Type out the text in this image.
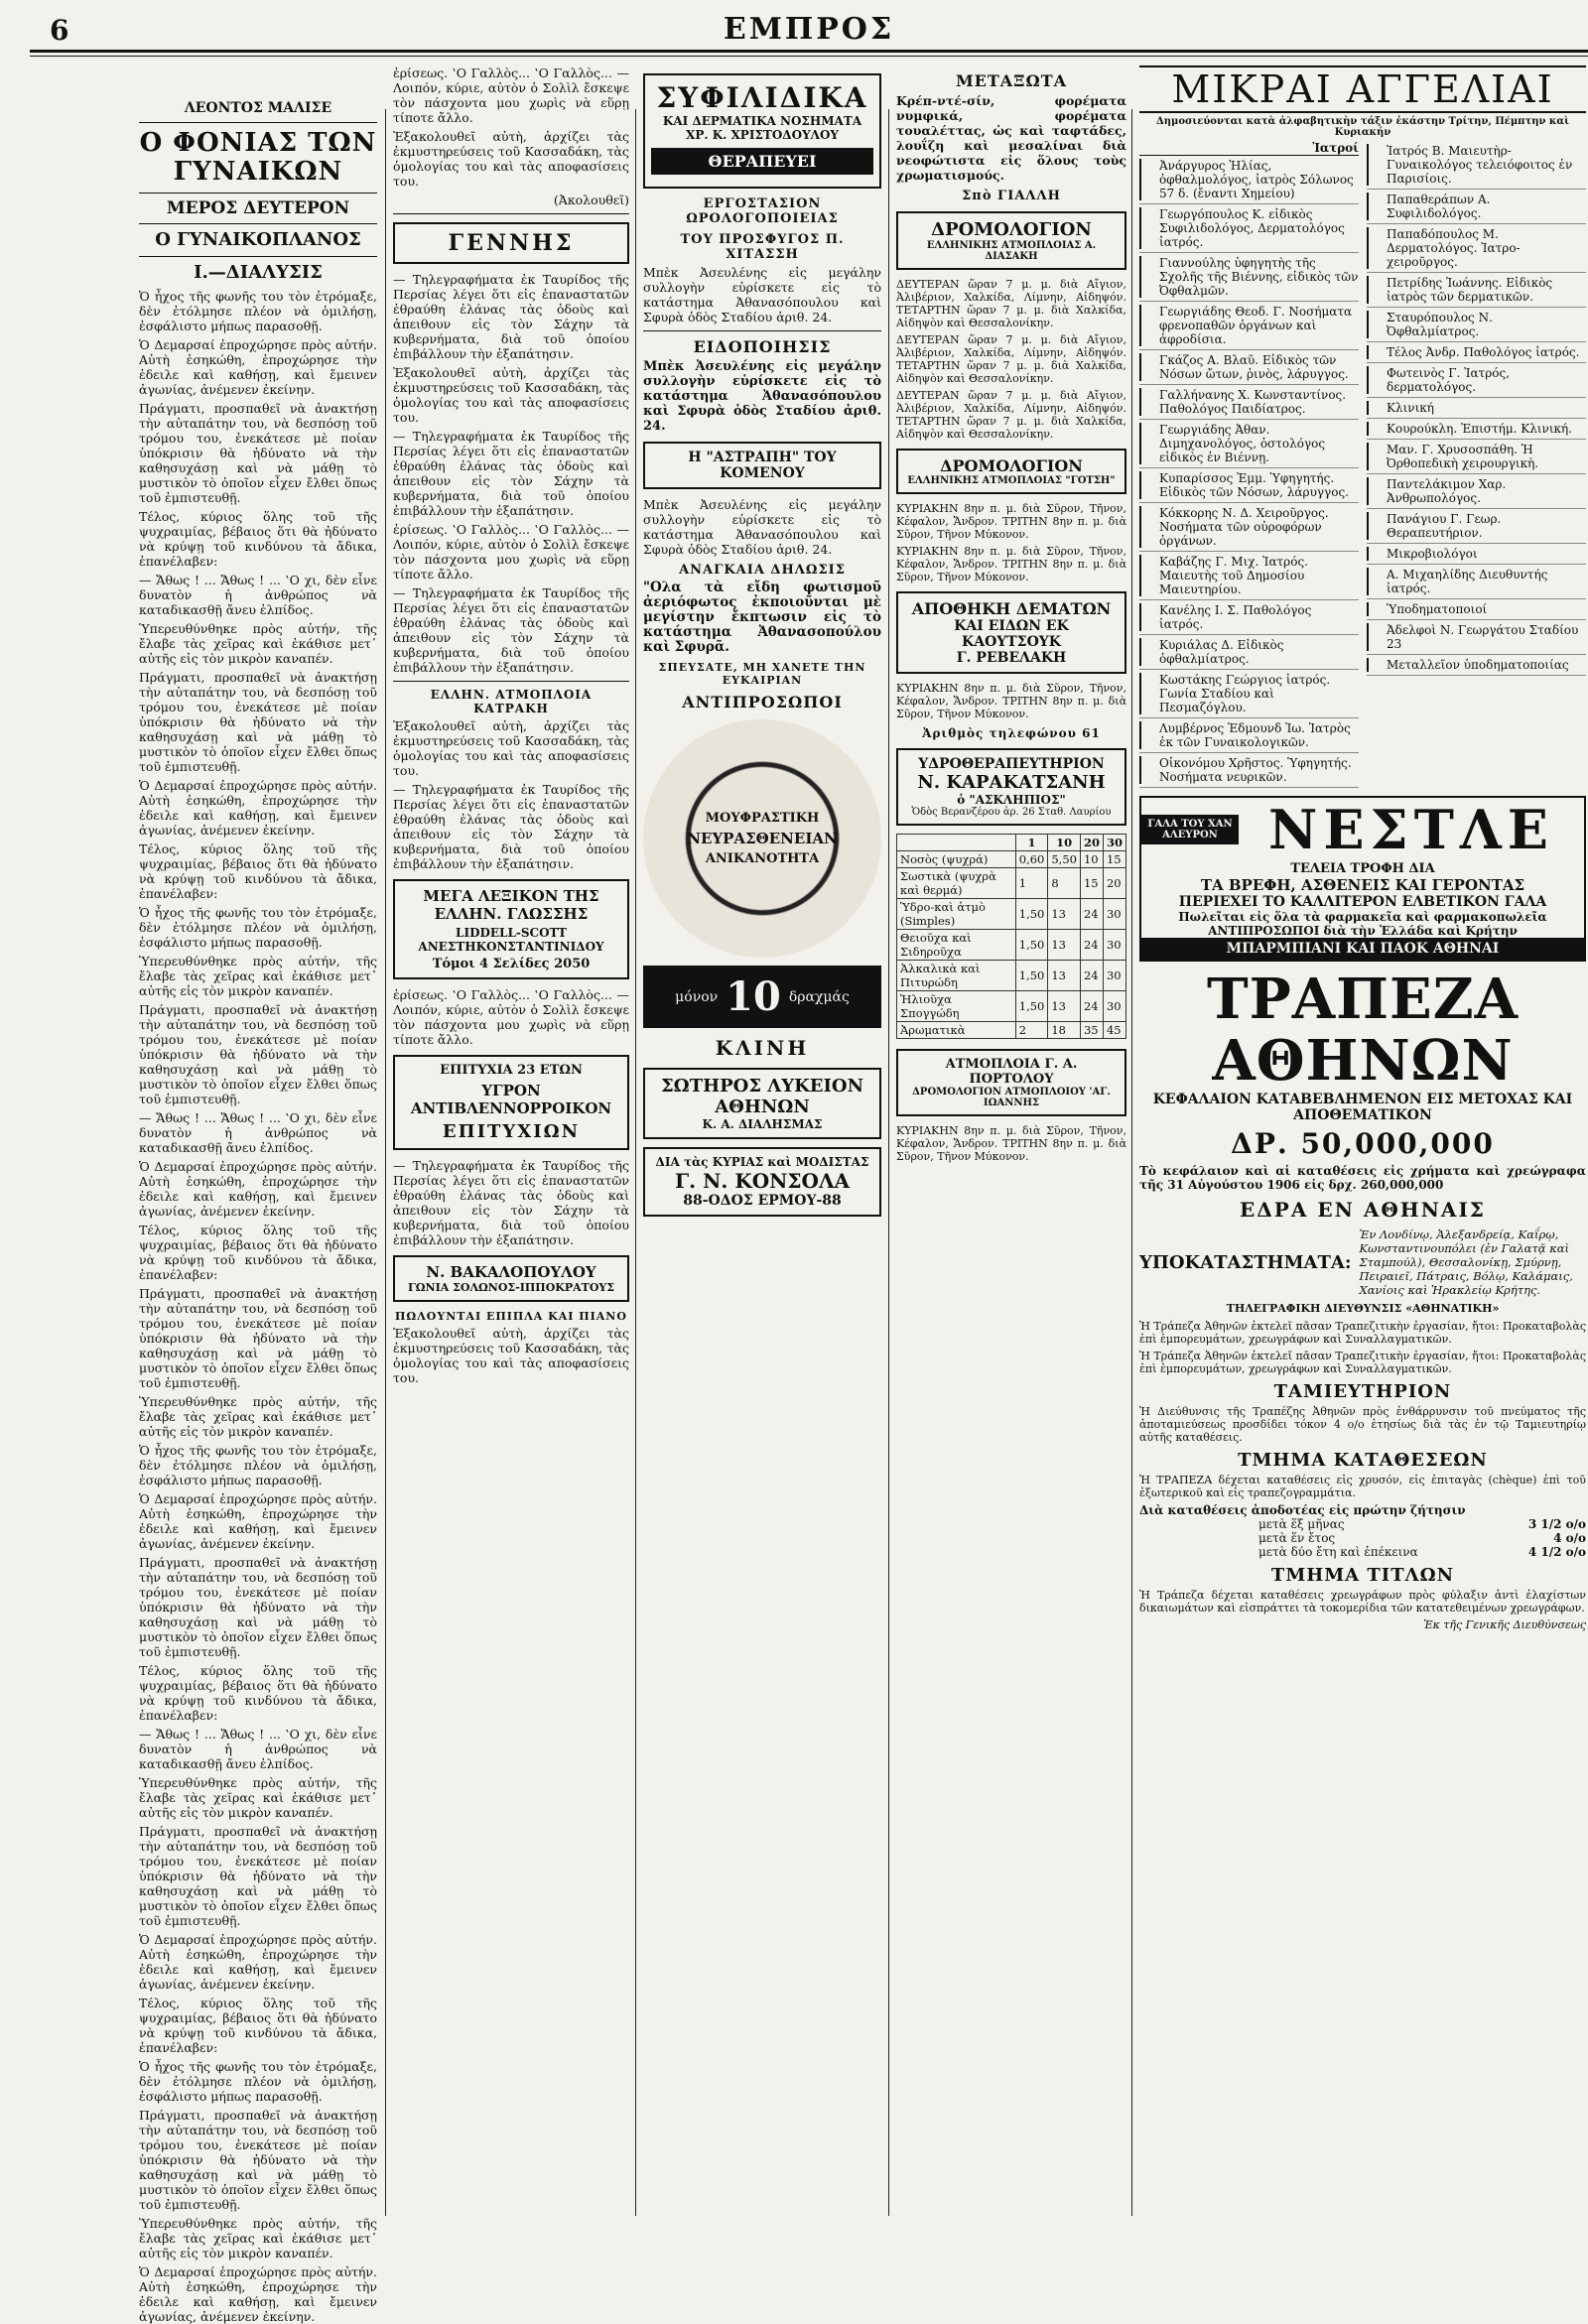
6	ΕΜΠΡΟΣ
ΛΕΟΝΤΟΣ ΜΑΛΙΣΕ
Ο ΦΟΝΙΑΣ ΤΩΝ ΓΥΝΑΙΚΩΝ
ΜΕΡΟΣ ΔΕΥΤΕΡΟΝ
Ο ΓΥΝΑΙΚΟΠΛΑΝΟΣ
Ι.—ΔΙΑΛΥΣΙΣ

Ὁ ἦχος τῆς φωνῆς του τὸν ἐτρόμαξε, δὲν ἐτόλμησε πλέον νὰ ὁμιλήσῃ, ἐσφάλιστο μήπως παρασοθῇ.

Ὁ Δεμαρσαί ἐπροχώρησε πρὸς αὐτήν. Αὐτὴ ἐσηκώθη, ἐπροχώρησε τὴν ἐδειλε καὶ καθήσῃ, καὶ ἔμεινεν ἀγωνίας, ἀνέμενεν ἐκείνην.

Πράγματι, προσπαθεῖ νὰ ἀνακτήσῃ τὴν αὐταπάτην του, νὰ δεσπόσῃ τοῦ τρόμου του, ἐνεκάτεσε μὲ ποίαν ὑπόκρισιν θὰ ἠδύνατο νὰ τὴν καθησυχάσῃ καὶ νὰ μάθῃ τὸ μυστικὸν τὸ ὁποῖον εἶχεν ἔλθει ὅπως τοῦ ἐμπιστευθῇ.

Τέλος, κύριος ὅλης τοῦ τῆς ψυχραιμίας, βέβαιος ὅτι θὰ ἠδύνατο νὰ κρύψῃ τοῦ κινδύνου τὰ ἄδικα, ἐπανέλαβεν:

— Ἄθως ! ... Ἄθως ! ... ‛Ο χι, δὲν εἶνε δυνατὸν ἡ ἀνθρώπος νὰ καταδικασθῇ ἄνευ ἐλπίδος.

Ὑπερευθύνθηκε πρὸς αὐτήν, τῆς ἔλαβε τὰς χεῖρας καὶ ἐκάθισε μετ᾽ αὐτῆς εἰς τὸν μικρὸν καναπέν.

Πράγματι, προσπαθεῖ νὰ ἀνακτήσῃ τὴν αὐταπάτην του, νὰ δεσπόσῃ τοῦ τρόμου του, ἐνεκάτεσε μὲ ποίαν ὑπόκρισιν θὰ ἠδύνατο νὰ τὴν καθησυχάσῃ καὶ νὰ μάθῃ τὸ μυστικὸν τὸ ὁποῖον εἶχεν ἔλθει ὅπως τοῦ ἐμπιστευθῇ.

Ὁ Δεμαρσαί ἐπροχώρησε πρὸς αὐτήν. Αὐτὴ ἐσηκώθη, ἐπροχώρησε τὴν ἐδειλε καὶ καθήσῃ, καὶ ἔμεινεν ἀγωνίας, ἀνέμενεν ἐκείνην.

Τέλος, κύριος ὅλης τοῦ τῆς ψυχραιμίας, βέβαιος ὅτι θὰ ἠδύνατο νὰ κρύψῃ τοῦ κινδύνου τὰ ἄδικα, ἐπανέλαβεν:

Ὁ ἦχος τῆς φωνῆς του τὸν ἐτρόμαξε, δὲν ἐτόλμησε πλέον νὰ ὁμιλήσῃ, ἐσφάλιστο μήπως παρασοθῇ.

Ὑπερευθύνθηκε πρὸς αὐτήν, τῆς ἔλαβε τὰς χεῖρας καὶ ἐκάθισε μετ᾽ αὐτῆς εἰς τὸν μικρὸν καναπέν.

Πράγματι, προσπαθεῖ νὰ ἀνακτήσῃ τὴν αὐταπάτην του, νὰ δεσπόσῃ τοῦ τρόμου του, ἐνεκάτεσε μὲ ποίαν ὑπόκρισιν θὰ ἠδύνατο νὰ τὴν καθησυχάσῃ καὶ νὰ μάθῃ τὸ μυστικὸν τὸ ὁποῖον εἶχεν ἔλθει ὅπως τοῦ ἐμπιστευθῇ.

— Ἄθως ! ... Ἄθως ! ... ‛Ο χι, δὲν εἶνε δυνατὸν ἡ ἀνθρώπος νὰ καταδικασθῇ ἄνευ ἐλπίδος.

Ὁ Δεμαρσαί ἐπροχώρησε πρὸς αὐτήν. Αὐτὴ ἐσηκώθη, ἐπροχώρησε τὴν ἐδειλε καὶ καθήσῃ, καὶ ἔμεινεν ἀγωνίας, ἀνέμενεν ἐκείνην.

Τέλος, κύριος ὅλης τοῦ τῆς ψυχραιμίας, βέβαιος ὅτι θὰ ἠδύνατο νὰ κρύψῃ τοῦ κινδύνου τὰ ἄδικα, ἐπανέλαβεν:

Πράγματι, προσπαθεῖ νὰ ἀνακτήσῃ τὴν αὐταπάτην του, νὰ δεσπόσῃ τοῦ τρόμου του, ἐνεκάτεσε μὲ ποίαν ὑπόκρισιν θὰ ἠδύνατο νὰ τὴν καθησυχάσῃ καὶ νὰ μάθῃ τὸ μυστικὸν τὸ ὁποῖον εἶχεν ἔλθει ὅπως τοῦ ἐμπιστευθῇ.

Ὑπερευθύνθηκε πρὸς αὐτήν, τῆς ἔλαβε τὰς χεῖρας καὶ ἐκάθισε μετ᾽ αὐτῆς εἰς τὸν μικρὸν καναπέν.

Ὁ ἦχος τῆς φωνῆς του τὸν ἐτρόμαξε, δὲν ἐτόλμησε πλέον νὰ ὁμιλήσῃ, ἐσφάλιστο μήπως παρασοθῇ.

Ὁ Δεμαρσαί ἐπροχώρησε πρὸς αὐτήν. Αὐτὴ ἐσηκώθη, ἐπροχώρησε τὴν ἐδειλε καὶ καθήσῃ, καὶ ἔμεινεν ἀγωνίας, ἀνέμενεν ἐκείνην.

Πράγματι, προσπαθεῖ νὰ ἀνακτήσῃ τὴν αὐταπάτην του, νὰ δεσπόσῃ τοῦ τρόμου του, ἐνεκάτεσε μὲ ποίαν ὑπόκρισιν θὰ ἠδύνατο νὰ τὴν καθησυχάσῃ καὶ νὰ μάθῃ τὸ μυστικὸν τὸ ὁποῖον εἶχεν ἔλθει ὅπως τοῦ ἐμπιστευθῇ.

Τέλος, κύριος ὅλης τοῦ τῆς ψυχραιμίας, βέβαιος ὅτι θὰ ἠδύνατο νὰ κρύψῃ τοῦ κινδύνου τὰ ἄδικα, ἐπανέλαβεν:

— Ἄθως ! ... Ἄθως ! ... ‛Ο χι, δὲν εἶνε δυνατὸν ἡ ἀνθρώπος νὰ καταδικασθῇ ἄνευ ἐλπίδος.

Ὑπερευθύνθηκε πρὸς αὐτήν, τῆς ἔλαβε τὰς χεῖρας καὶ ἐκάθισε μετ᾽ αὐτῆς εἰς τὸν μικρὸν καναπέν.

Πράγματι, προσπαθεῖ νὰ ἀνακτήσῃ τὴν αὐταπάτην του, νὰ δεσπόσῃ τοῦ τρόμου του, ἐνεκάτεσε μὲ ποίαν ὑπόκρισιν θὰ ἠδύνατο νὰ τὴν καθησυχάσῃ καὶ νὰ μάθῃ τὸ μυστικὸν τὸ ὁποῖον εἶχεν ἔλθει ὅπως τοῦ ἐμπιστευθῇ.

Ὁ Δεμαρσαί ἐπροχώρησε πρὸς αὐτήν. Αὐτὴ ἐσηκώθη, ἐπροχώρησε τὴν ἐδειλε καὶ καθήσῃ, καὶ ἔμεινεν ἀγωνίας, ἀνέμενεν ἐκείνην.

Τέλος, κύριος ὅλης τοῦ τῆς ψυχραιμίας, βέβαιος ὅτι θὰ ἠδύνατο νὰ κρύψῃ τοῦ κινδύνου τὰ ἄδικα, ἐπανέλαβεν:

Ὁ ἦχος τῆς φωνῆς του τὸν ἐτρόμαξε, δὲν ἐτόλμησε πλέον νὰ ὁμιλήσῃ, ἐσφάλιστο μήπως παρασοθῇ.

Πράγματι, προσπαθεῖ νὰ ἀνακτήσῃ τὴν αὐταπάτην του, νὰ δεσπόσῃ τοῦ τρόμου του, ἐνεκάτεσε μὲ ποίαν ὑπόκρισιν θὰ ἠδύνατο νὰ τὴν καθησυχάσῃ καὶ νὰ μάθῃ τὸ μυστικὸν τὸ ὁποῖον εἶχεν ἔλθει ὅπως τοῦ ἐμπιστευθῇ.

Ὑπερευθύνθηκε πρὸς αὐτήν, τῆς ἔλαβε τὰς χεῖρας καὶ ἐκάθισε μετ᾽ αὐτῆς εἰς τὸν μικρὸν καναπέν.

Ὁ Δεμαρσαί ἐπροχώρησε πρὸς αὐτήν. Αὐτὴ ἐσηκώθη, ἐπροχώρησε τὴν ἐδειλε καὶ καθήσῃ, καὶ ἔμεινεν ἀγωνίας, ἀνέμενεν ἐκείνην.

ἐρίσεως. ‛Ο Γαλλὸς... ‛Ο Γαλλὸς... — Λοιπόν, κύριε, αὐτὸν ὁ Σολὶλ ἔσκεψε τὸν πάσχοντα μου χωρὶς νὰ εὕρῃ τίποτε ἄλλο.

Ἐξακολουθεῖ αὐτὴ, ἀρχίζει τὰς ἐκμυστηρεύσεις τοῦ Κασσαδάκη, τὰς ὁμολογίας του καὶ τὰς αποφασίσεις του.

(Ἀκολουθεῖ)

ΓΕΝΝΗΣ

— Τηλεγραφήματα ἐκ Ταυρίδος τῆς Περσίας λέγει ὅτι εἰς ἐπαναστατῶν ἐθραύθη ἐλάνας τὰς ὁδοὺς καὶ ἀπειθουν εἰς τὸν Σάχην τὰ κυβερνήματα, διὰ τοῦ ὁποίου ἐπιβάλλουν τὴν ἐξαπάτησιν.

Ἐξακολουθεῖ αὐτὴ, ἀρχίζει τὰς ἐκμυστηρεύσεις τοῦ Κασσαδάκη, τὰς ὁμολογίας του καὶ τὰς αποφασίσεις του.

— Τηλεγραφήματα ἐκ Ταυρίδος τῆς Περσίας λέγει ὅτι εἰς ἐπαναστατῶν ἐθραύθη ἐλάνας τὰς ὁδοὺς καὶ ἀπειθουν εἰς τὸν Σάχην τὰ κυβερνήματα, διὰ τοῦ ὁποίου ἐπιβάλλουν τὴν ἐξαπάτησιν.

ἐρίσεως. ‛Ο Γαλλὸς... ‛Ο Γαλλὸς... — Λοιπόν, κύριε, αὐτὸν ὁ Σολὶλ ἔσκεψε τὸν πάσχοντα μου χωρὶς νὰ εὕρῃ τίποτε ἄλλο.

— Τηλεγραφήματα ἐκ Ταυρίδος τῆς Περσίας λέγει ὅτι εἰς ἐπαναστατῶν ἐθραύθη ἐλάνας τὰς ὁδοὺς καὶ ἀπειθουν εἰς τὸν Σάχην τὰ κυβερνήματα, διὰ τοῦ ὁποίου ἐπιβάλλουν τὴν ἐξαπάτησιν.

ΕΛΛΗΝ. ΑΤΜΟΠΛΟΙΑ ΚΑΤΡΑΚΗ

Ἐξακολουθεῖ αὐτὴ, ἀρχίζει τὰς ἐκμυστηρεύσεις τοῦ Κασσαδάκη, τὰς ὁμολογίας του καὶ τὰς αποφασίσεις του.

— Τηλεγραφήματα ἐκ Ταυρίδος τῆς Περσίας λέγει ὅτι εἰς ἐπαναστατῶν ἐθραύθη ἐλάνας τὰς ὁδοὺς καὶ ἀπειθουν εἰς τὸν Σάχην τὰ κυβερνήματα, διὰ τοῦ ὁποίου ἐπιβάλλουν τὴν ἐξαπάτησιν.

ΜΕΓΑ ΛΕΞΙΚΟΝ ΤΗΣ ΕΛΛΗΝ. ΓΛΩΣΣΗΣ
LIDDELL-SCOTT ΑΝΕΣΤΗΚΟΝΣΤΑΝΤΙΝΙΔΟΥ
Τόμοι 4 Σελίδες 2050

ἐρίσεως. ‛Ο Γαλλὸς... ‛Ο Γαλλὸς... — Λοιπόν, κύριε, αὐτὸν ὁ Σολὶλ ἔσκεψε τὸν πάσχοντα μου χωρὶς νὰ εὕρῃ τίποτε ἄλλο.

ΕΠΙΤΥΧΙΑ 23 ΕΤΩΝ
ΥΓΡΟΝ ΑΝΤΙΒΛΕΝΝΟΡΡΟΙΚΟΝ
ΕΠΙΤΥΧΙΩΝ

— Τηλεγραφήματα ἐκ Ταυρίδος τῆς Περσίας λέγει ὅτι εἰς ἐπαναστατῶν ἐθραύθη ἐλάνας τὰς ὁδοὺς καὶ ἀπειθουν εἰς τὸν Σάχην τὰ κυβερνήματα, διὰ τοῦ ὁποίου ἐπιβάλλουν τὴν ἐξαπάτησιν.

Ν. ΒΑΚΑΛΟΠΟΥΛΟΥ
ΓΩΝΙΑ ΣΟΛΩΝΟΣ-ΙΠΠΟΚΡΑΤΟΥΣ
ΠΩΛΟΥΝΤΑΙ ΕΠΙΠΛΑ ΚΑΙ ΠΙΑΝΟ

Ἐξακολουθεῖ αὐτὴ, ἀρχίζει τὰς ἐκμυστηρεύσεις τοῦ Κασσαδάκη, τὰς ὁμολογίας του καὶ τὰς αποφασίσεις του.

ΣΥΦΙΛΙΔΙΚΑ
ΚΑΙ ΔΕΡΜΑΤΙΚΑ ΝΟΣΗΜΑΤΑ
ΧΡ. Κ. ΧΡΙΣΤΟΔΟΥΛΟΥ
ΘΕΡΑΠΕΥΕΙ
ΕΡΓΟΣΤΑΣΙΟΝ ΩΡΟΛΟΓΟΠΟΙΕΙΑΣ
ΤΟΥ ΠΡΟΣΦΥΓΟΣ Π. ΧΙΤΑΣΣΗ

Μπὲκ Ἀσευλένης εἰς μεγάλην συλλογὴν εὑρίσκετε εἰς τὸ κατάστημα Ἀθανασόπουλου καὶ Σφυρὰ ὁδὸς Σταδίου ἀριθ. 24.

ΕΙΔΟΠΟΙΗΣΙΣ

Μπὲκ Ἀσευλένης εἰς μεγάλην συλλογὴν εὑρίσκετε εἰς τὸ κατάστημα Ἀθανασόπουλου καὶ Σφυρὰ ὁδὸς Σταδίου ἀριθ. 24.

Η "ΑΣΤΡΑΠΗ" ΤΟΥ ΚΟΜΕΝΟΥ

Μπὲκ Ἀσευλένης εἰς μεγάλην συλλογὴν εὑρίσκετε εἰς τὸ κατάστημα Ἀθανασόπουλου καὶ Σφυρὰ ὁδὸς Σταδίου ἀριθ. 24.

ΑΝΑΓΚΑΙΑ ΔΗΛΩΣΙΣ

"Ολα τὰ εἴδη φωτισμοῦ ἀεριόφωτος ἐκποιοῦνται μὲ μεγίστην ἔκπτωσιν εἰς τὸ κατάστημα Ἀθανασοπούλου καὶ Σφυρᾶ.

ΣΠΕΥΣΑΤΕ, ΜΗ ΧΑΝΕΤΕ ΤΗΝ ΕΥΚΑΙΡΙΑΝ
ΑΝΤΙΠΡΟΣΩΠΟΙ
ΜΟΥΦΡΑΣΤΙΚΗ
ΝΕΥΡΑΣΘΕΝΕΙΑΝ
ΑΝΙΚΑΝΟΤΗΤΑ
μόνον 10 δραχμάς
ΚΛΙΝΗ
ΣΩΤΗΡΟΣ ΛΥΚΕΙΟΝ ΑΘΗΝΩΝ
Κ. Α. ΔΙΑΛΗΣΜΑΣ
ΔΙΑ τὰς ΚΥΡΙΑΣ καὶ ΜΟΔΙΣΤΑΣ
Γ. Ν. ΚΟΝΣΟΛΑ
88-ΟΔΟΣ ΕΡΜΟΥ-88
ΜΕΤΑΞΩΤΑ

Κρέπ-ντέ-σίν, φορέματα νυμφικά, φορέματα τουαλέττας, ὡς καὶ ταφτάδες, λουΐζη καὶ μεσαλίναι διὰ νεοφώτιστα εἰς ὅλους τοὺς χρωματισμούς.

Σπὸ ΓΙΑΛΛΗ
ΔΡΟΜΟΛΟΓΙΟΝ
ΕΛΛΗΝΙΚΗΣ ΑΤΜΟΠΛΟΙΑΣ Α. ΔΙΑΣΑΚΗ

ΔΕΥΤΕΡΑΝ ὥραν 7 μ. μ. διὰ Αἴγιον, Ἀλιβέριον, Χαλκίδα, Λίμνην, Αἰδηψόν. ΤΕΤΑΡΤΗΝ ὥραν 7 μ. μ. διὰ Χαλκίδα, Αἰδηψὸν καὶ Θεσσαλονίκην.

ΔΕΥΤΕΡΑΝ ὥραν 7 μ. μ. διὰ Αἴγιον, Ἀλιβέριον, Χαλκίδα, Λίμνην, Αἰδηψόν. ΤΕΤΑΡΤΗΝ ὥραν 7 μ. μ. διὰ Χαλκίδα, Αἰδηψὸν καὶ Θεσσαλονίκην.

ΔΕΥΤΕΡΑΝ ὥραν 7 μ. μ. διὰ Αἴγιον, Ἀλιβέριον, Χαλκίδα, Λίμνην, Αἰδηψόν. ΤΕΤΑΡΤΗΝ ὥραν 7 μ. μ. διὰ Χαλκίδα, Αἰδηψὸν καὶ Θεσσαλονίκην.

ΔΡΟΜΟΛΟΓΙΟΝ
ΕΛΛΗΝΙΚΗΣ ΑΤΜΟΠΛΟΙΑΣ "ΓΟΤΣΗ"

ΚΥΡΙΑΚΗΝ 8ην π. μ. διὰ Σῦρον, Τῆνον, Κέφαλον, Ἄνδρον. ΤΡΙΤΗΝ 8ην π. μ. διὰ Σῦρον, Τῆνον Μύκονον.

ΚΥΡΙΑΚΗΝ 8ην π. μ. διὰ Σῦρον, Τῆνον, Κέφαλον, Ἄνδρον. ΤΡΙΤΗΝ 8ην π. μ. διὰ Σῦρον, Τῆνον Μύκονον.

ΑΠΟΘΗΚΗ ΔΕΜΑΤΩΝ
ΚΑΙ ΕΙΔΩΝ ΕΚ ΚΑΟΥΤΣΟΥΚ
Γ. ΡΕΒΕΛΑΚΗ

ΚΥΡΙΑΚΗΝ 8ην π. μ. διὰ Σῦρον, Τῆνον, Κέφαλον, Ἄνδρον. ΤΡΙΤΗΝ 8ην π. μ. διὰ Σῦρον, Τῆνον Μύκονον.

Ἀριθμὸς τηλεφώνου 61
ΥΔΡΟΘΕΡΑΠΕΥΤΗΡΙΟΝ
Ν. ΚΑΡΑΚΑΤΣΑΝΗ
ὁ "ΑΣΚΛΗΠΙΟΣ"
Ὁδὸς Βερανζέρου ἀρ. 26 Σταθ. Λαυρίου
	1	10	20	30
Νοσὸς (ψυχρά)	0,60	5,50	10	15
Σωστικὰ (ψυχρὰ καὶ θερμά)	1	8	15	20
Ὑδρο-καὶ ἀτμὸ (Simples)	1,50	13	24	30
Θειοῦχα καὶ Σιδηροῦχα	1,50	13	24	30
Ἀλκαλικὰ καὶ Πιτυρώδη	1,50	13	24	30
Ἡλιοῦχα Σπογγώδη	1,50	13	24	30
Ἀρωματικὰ	2	18	35	45
ΑΤΜΟΠΛΟΙΑ Γ. Α. ΠΟΡΤΟΛΟΥ
ΔΡΟΜΟΛΟΓΙΟΝ ΑΤΜΟΠΛΟΙΟΥ 'ΑΓ. ΙΩΑΝΝΗΣ

ΚΥΡΙΑΚΗΝ 8ην π. μ. διὰ Σῦρον, Τῆνον, Κέφαλον, Ἄνδρον. ΤΡΙΤΗΝ 8ην π. μ. διὰ Σῦρον, Τῆνον Μύκονον.

ΜΙΚΡΑΙ ΑΓΓΕΛΙΑΙ
Δημοσιεύονται κατὰ ἀλφαβητικὴν τάξιν ἑκάστην Τρίτην, Πέμπτην καὶ Κυριακήν
Ἰατροί
Ἀνάργυρος Ἠλίας, ὀφθαλμολόγος, ἰατρὸς Σόλωνος 57 δ. (ἔναντι Χημείου)
Γεωργόπουλος Κ. εἰδικὸς Συφιλιδολόγος, Δερματολόγος ἰατρός.
Γιαννούλης ὑφηγητὴς τῆς Σχολῆς τῆς Βιέννης, εἰδικὸς τῶν Ὀφθαλμῶν.
Γεωργιάδης Θεοδ. Γ. Νοσήματα φρενοπαθῶν ὀργάνων καὶ ἀφροδίσια.
Γκάζος Α. Βλαῦ. Εἰδικὸς τῶν Νόσων ὤτων, ῥινὸς, λάρυγγος.
Γαλλήνανης Χ. Κωνσταντίνος. Παθολόγος Παιδίατρος.
Γεωργιάδης Ἀθαν. Διμηχανολόγος, ὀστολόγος εἰδικὸς ἐν Βιέννῃ.
Κυπαρίσσος Ἐμμ. Ὑφηγητής. Εἰδικὸς τῶν Νόσων, λάρυγγος.
Κόκκορης Ν. Δ. Χειροῦργος. Νοσήματα τῶν οὐροφόρων ὀργάνων.
Καβάζης Γ. Μιχ. Ἰατρός. Μαιευτὴς τοῦ Δημοσίου Μαιευτηρίου.
Κανέλης Ι. Σ. Παθολόγος ἰατρός.
Κυριάλας Δ. Εἰδικὸς ὀφθαλμίατρος.
Κωστάκης Γεώργιος ἰατρός. Γωνία Σταδίου καὶ Πεσμαζόγλου.
Λυμβέρνος Ἐδμουνδ Ἰω. Ἰατρὸς ἐκ τῶν Γυναικολογικῶν.
Οἰκονόμου Χρῆστος. Ὑφηγητής. Νοσήματα νευρικῶν.
Ἰατρός Β. Μαιευτὴρ-Γυναικολόγος τελειόφοιτος ἐν Παρισίοις.
Παπαθεράπων Α. Συφιλιδολόγος.
Παπαδόπουλος Μ. Δερματολόγος. Ἰατρο-χειροῦργος.
Πετρίδης Ἰωάννης. Εἰδικὸς ἰατρὸς τῶν δερματικῶν.
Σταυρόπουλος Ν. Ὀφθαλμίατρος.
Τέλος Ἀνδρ. Παθολόγος ἰατρός.
Φωτεινὸς Γ. Ἰατρός, δερματολόγος.
Κλινική
Κουρούκλη. Ἐπιστήμ. Κλινική.
Μαν. Γ. Χρυσοσπάθη. Ἡ Ὀρθοπεδικὴ χειρουργικὴ.
Παντελάκιμον Χαρ. Ἀνθρωπολόγος.
Πανάγιου Γ. Γεωρ. Θεραπευτήριον.
Μικροβιολόγοι
Α. Μιχαηλίδης Διευθυντής ἰατρός.
Ὑποδηματοποιοί
Ἀδελφοὶ Ν. Γεωργάτου Σταδίου 23
Μεταλλεῖον ὑποδηματοποιίας
ΓΑΛΑ ΤΟΥ ΧΑΝ ΑΛΕΥΡΟΝ ΝΕΣΤΛΕ
ΤΕΛΕΙΑ ΤΡΟΦΗ ΔΙΑ
ΤΑ ΒΡΕΦΗ, ΑΣΘΕΝΕΙΣ ΚΑΙ ΓΕΡΟΝΤΑΣ
ΠΕΡΙΕΧΕΙ ΤΟ ΚΑΛΛΙΤΕΡΟΝ ΕΛΒΕΤΙΚΟΝ ΓΑΛΑ
Πωλεῖται εἰς ὅλα τὰ φαρμακεῖα καὶ φαρμακοπωλεῖα
ΑΝΤΙΠΡΟΣΩΠΟΙ διὰ τὴν Ἑλλάδα καὶ Κρήτην
ΜΠΑΡΜΠΙΑΝΙ ΚΑΙ ΠΑΟΚ ΑΘΗΝΑΙ
ΤΡΑΠΕΖΑ ΑΘΗΝΩΝ
ΚΕΦΑΛΑΙΟΝ ΚΑΤΑΒΕΒΛΗΜΕΝΟΝ ΕΙΣ ΜΕΤΟΧΑΣ ΚΑΙ ΑΠΟΘΕΜΑΤΙΚΟΝ
ΔΡ. 50,000,000
Τὸ κεφάλαιον καὶ αἱ καταθέσεις εἰς χρήματα καὶ χρεώγραφα τῆς 31 Αὐγούστου 1906 εἰς δρχ. 260,000,000
ΕΔΡΑ ΕΝ ΑΘΗΝΑΙΣ
ΥΠΟΚΑΤΑΣΤΗΜΑΤΑ:
Ἐν Λονδίνῳ, Ἀλεξανδρείᾳ, Καΐρῳ, Κωνσταντινουπόλει (ἐν Γαλατᾷ καὶ Σταμπούλ), Θεσσαλονίκῃ, Σμύρνῃ, Πειραιεῖ, Πάτραις, Βόλῳ, Καλάμαις, Χανίοις καὶ Ἡρακλείῳ Κρήτης.
ΤΗΛΕΓΡΑΦΙΚΗ ΔΙΕΥΘΥΝΣΙΣ «ΑΘΗΝΑΤΙΚΗ»

Ἡ Τράπεζα Ἀθηνῶν ἐκτελεῖ πᾶσαν Τραπεζιτικὴν ἐργασίαν, ἤτοι: Προκαταβολὰς ἐπὶ ἐμπορευμάτων, χρεωγράφων καὶ Συναλλαγματικῶν.

Ἡ Τράπεζα Ἀθηνῶν ἐκτελεῖ πᾶσαν Τραπεζιτικὴν ἐργασίαν, ἤτοι: Προκαταβολὰς ἐπὶ ἐμπορευμάτων, χρεωγράφων καὶ Συναλλαγματικῶν.

ΤΑΜΙΕΥΤΗΡΙΟΝ

Ἡ Διεύθυνσις τῆς Τραπέζης Ἀθηνῶν πρὸς ἐνθάρρυνσιν τοῦ πνεύματος τῆς ἀποταμιεύσεως προσδίδει τόκον 4 ο/ο ἐτησίως διὰ τὰς ἐν τῷ Ταμιευτηρίῳ αὐτῆς καταθέσεις.

ΤΜΗΜΑ ΚΑΤΑΘΕΣΕΩΝ

Ἡ ΤΡΑΠΕΖΑ δέχεται καταθέσεις εἰς χρυσόν, εἰς ἐπιταγὰς (chèque) ἐπὶ τοῦ ἐξωτερικοῦ καὶ εἰς τραπεζογραμμάτια.

Διὰ καταθέσεις ἀποδοτέας εἰς πρώτην ζήτησιν
μετὰ ἕξ μῆνας	3 1/2 ο/ο
μετὰ ἕν ἔτος	4 ο/ο
μετὰ δύο ἔτη καὶ ἐπέκεινα	4 1/2 ο/ο
ΤΜΗΜΑ ΤΙΤΛΩΝ

Ἡ Τράπεζα δέχεται καταθέσεις χρεωγράφων πρὸς φύλαξιν ἀντὶ ἐλαχίστων δικαιωμάτων καὶ εἰσπράττει τὰ τοκομερίδια τῶν κατατεθειμένων χρεωγράφων.

Ἐκ τῆς Γενικῆς Διευθύνσεως
